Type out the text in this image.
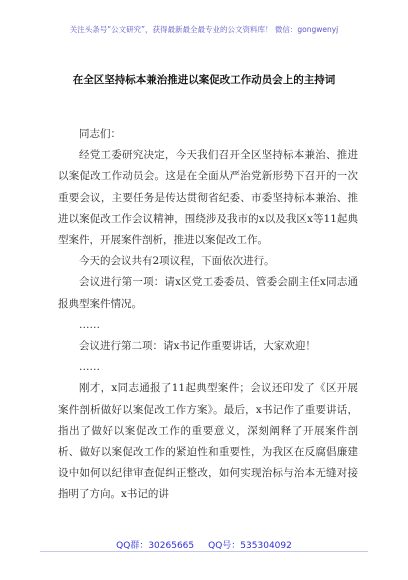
关注头条号“公文研究”，获得最新最全最专业的公文资料库！ 微信：gongwenyj
在全区坚持标本兼治推进以案促改工作动员会上的主持词

同志们：

经党工委研究决定，今天我们召开全区坚持标本兼治、推进以案促改工作动员会。这是在全面从严治党新形势下召开的一次重要会议，主要任务是传达贯彻省纪委、市委坚持标本兼治、推进以案促改工作会议精神，围绕涉及我市的x以及我区x等11起典型案件，开展案件剖析，推进以案促改工作。

今天的会议共有2项议程，下面依次进行。

会议进行第一项：请x区党工委委员、管委会副主任x同志通报典型案件情况。

……

会议进行第二项：请x书记作重要讲话，大家欢迎！

……

刚才，x同志通报了11起典型案件；会议还印发了《区开展案件剖析做好以案促改工作方案》。最后，x书记作了重要讲话，指出了做好以案促改工作的重要意义，深刻阐释了开展案件剖析、做好以案促改工作的紧迫性和重要性，为我区在反腐倡廉建设中如何以纪律审查促纠正整改，如何实现治标与治本无缝对接指明了方向。x书记的讲

QQ群：30265665 QQ号：535304092
